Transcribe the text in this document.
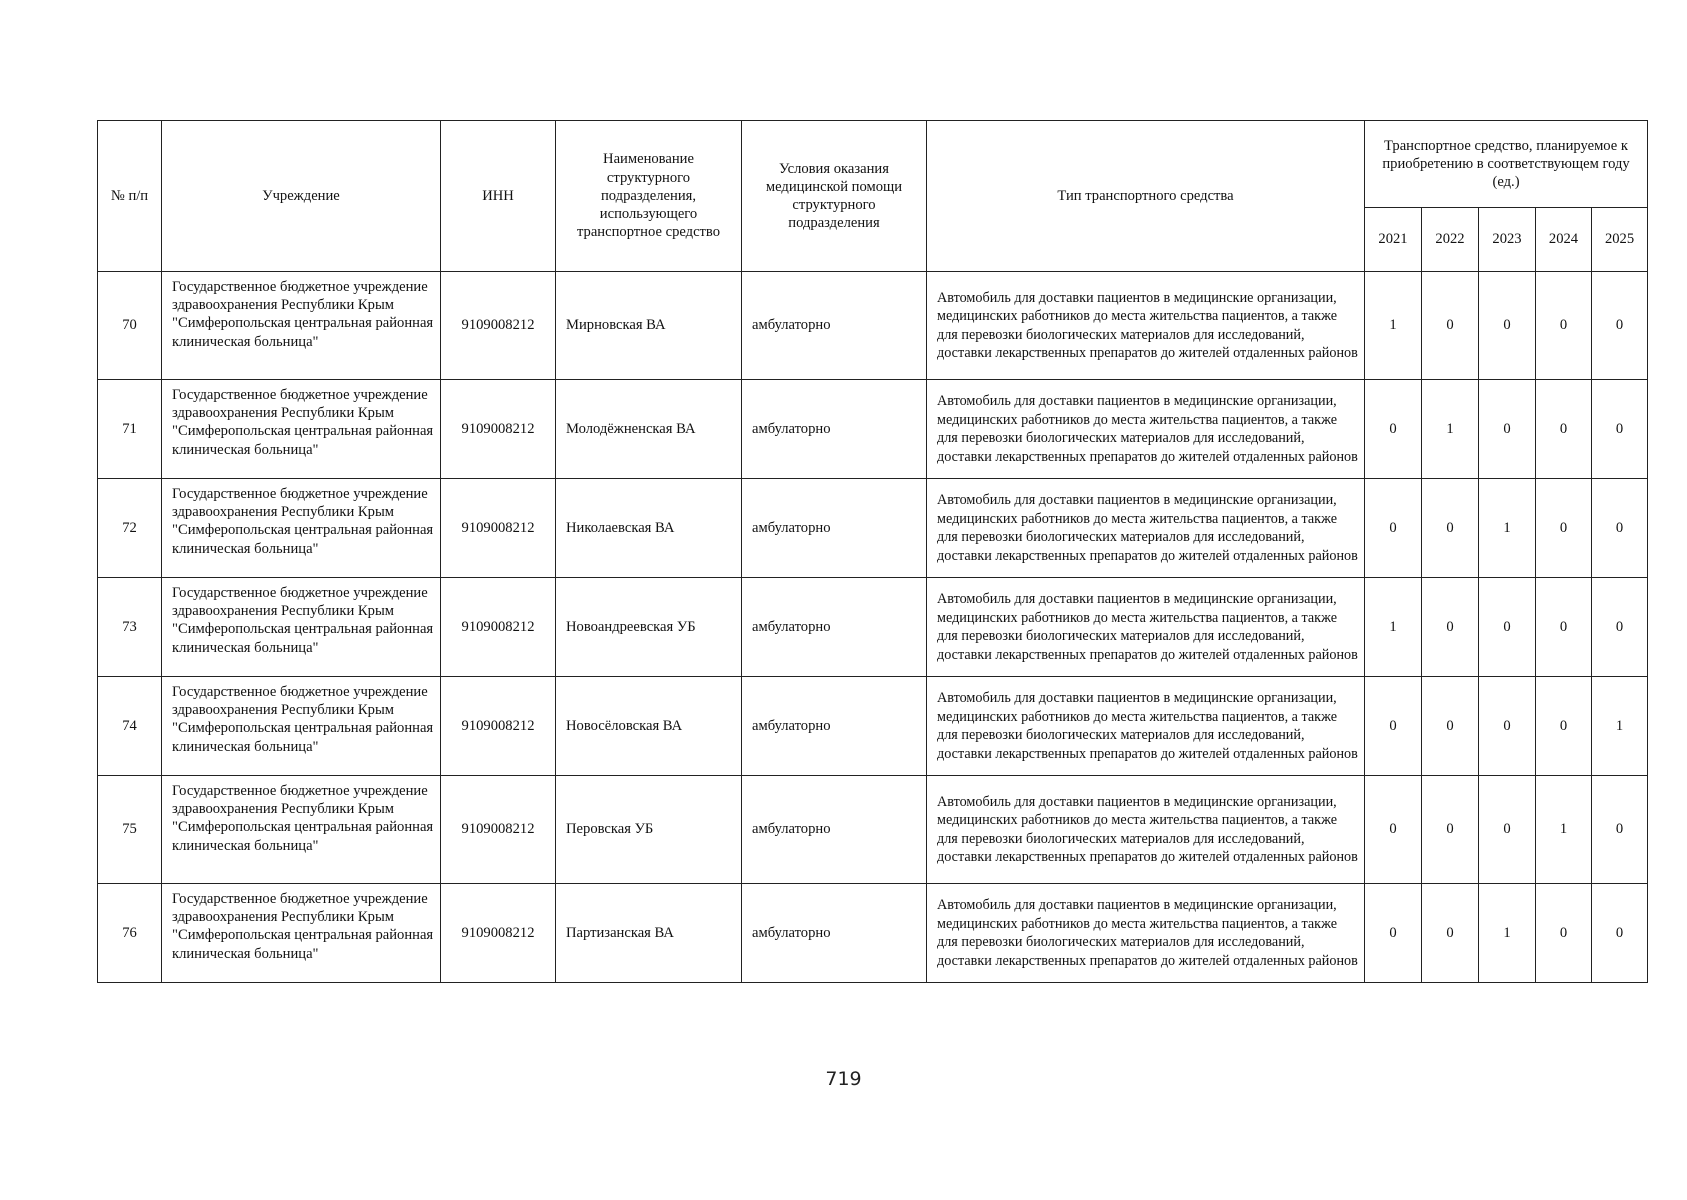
№ п/п	Учреждение	ИНН	Наименование структурного подразделения, использующего транспортное средство	Условия оказания медицинской помощи структурного подразделения	Тип транспортного средства	Транспортное средство, планируемое к приобретению в соответствующем году (ед.)				
						2021	2022	2023	2024	2025
70	Государственное бюджетное учреждение здравоохранения Республики Крым "Симферопольская центральная районная клиническая больница"	9109008212	Мирновская ВА	амбулаторно	Автомобиль для доставки пациентов в медицинские организации, медицинских работников до места жительства пациентов, а также для перевозки биологических материалов для исследований, доставки лекарственных препаратов до жителей отдаленных районов	1	0	0	0	0
71	Государственное бюджетное учреждение здравоохранения Республики Крым "Симферопольская центральная районная клиническая больница"	9109008212	Молодёжненская ВА	амбулаторно	Автомобиль для доставки пациентов в медицинские организации, медицинских работников до места жительства пациентов, а также для перевозки биологических материалов для исследований, доставки лекарственных препаратов до жителей отдаленных районов	0	1	0	0	0
72	Государственное бюджетное учреждение здравоохранения Республики Крым "Симферопольская центральная районная клиническая больница"	9109008212	Николаевская ВА	амбулаторно	Автомобиль для доставки пациентов в медицинские организации, медицинских работников до места жительства пациентов, а также для перевозки биологических материалов для исследований, доставки лекарственных препаратов до жителей отдаленных районов	0	0	1	0	0
73	Государственное бюджетное учреждение здравоохранения Республики Крым "Симферопольская центральная районная клиническая больница"	9109008212	Новоандреевская УБ	амбулаторно	Автомобиль для доставки пациентов в медицинские организации, медицинских работников до места жительства пациентов, а также для перевозки биологических материалов для исследований, доставки лекарственных препаратов до жителей отдаленных районов	1	0	0	0	0
74	Государственное бюджетное учреждение здравоохранения Республики Крым "Симферопольская центральная районная клиническая больница"	9109008212	Новосёловская ВА	амбулаторно	Автомобиль для доставки пациентов в медицинские организации, медицинских работников до места жительства пациентов, а также для перевозки биологических материалов для исследований, доставки лекарственных препаратов до жителей отдаленных районов	0	0	0	0	1
75	Государственное бюджетное учреждение здравоохранения Республики Крым "Симферопольская центральная районная клиническая больница"	9109008212	Перовская УБ	амбулаторно	Автомобиль для доставки пациентов в медицинские организации, медицинских работников до места жительства пациентов, а также для перевозки биологических материалов для исследований, доставки лекарственных препаратов до жителей отдаленных районов	0	0	0	1	0
76	Государственное бюджетное учреждение здравоохранения Республики Крым "Симферопольская центральная районная клиническая больница"	9109008212	Партизанская ВА	амбулаторно	Автомобиль для доставки пациентов в медицинские организации, медицинских работников до места жительства пациентов, а также для перевозки биологических материалов для исследований, доставки лекарственных препаратов до жителей отдаленных районов	0	0	1	0	0
719
